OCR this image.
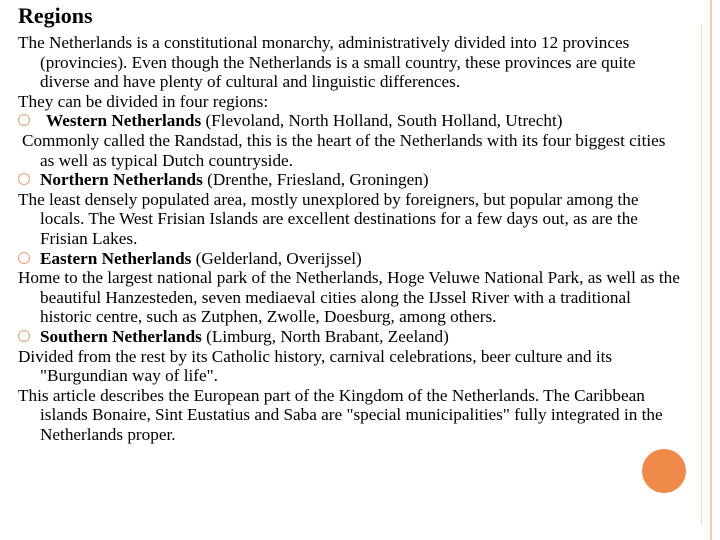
Regions

The Netherlands is a constitutional monarchy, administratively divided into 12 provinces (provincies). Even though the Netherlands is a small country, these provinces are quite diverse and have plenty of cultural and linguistic differences.

They can be divided in four regions:

Western Netherlands (Flevoland, North Holland, South Holland, Utrecht)

Commonly called the Randstad, this is the heart of the Netherlands with its four biggest cities as well as typical Dutch countryside.

Northern Netherlands (Drenthe, Friesland, Groningen)

The least densely populated area, mostly unexplored by foreigners, but popular among the locals. The West Frisian Islands are excellent destinations for a few days out, as are the Frisian Lakes.

Eastern Netherlands (Gelderland, Overijssel)

Home to the largest national park of the Netherlands, Hoge Veluwe National Park, as well as the beautiful Hanzesteden, seven mediaeval cities along the IJssel River with a traditional historic centre, such as Zutphen, Zwolle, Doesburg, among others.

Southern Netherlands (Limburg, North Brabant, Zeeland)

Divided from the rest by its Catholic history, carnival celebrations, beer culture and its "Burgundian way of life".

This article describes the European part of the Kingdom of the Netherlands. The Caribbean islands Bonaire, Sint Eustatius and Saba are "special municipalities" fully integrated in the Netherlands proper.
